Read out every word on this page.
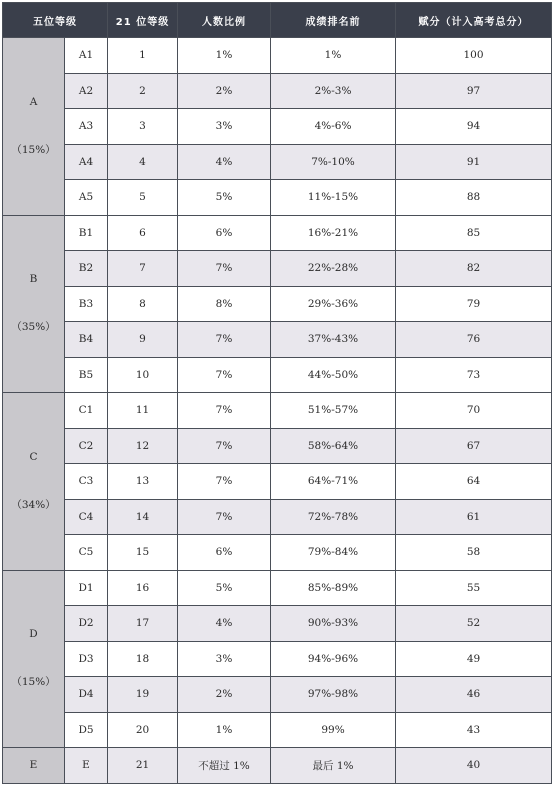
五位等级		21 位等级	人数比例	成绩排名前	赋分（计入高考总分）

A
（15%）	A1	1	1%	1%	100
	A2	2	2%	2%-3%	97
	A3	3	3%	4%-6%	94
	A4	4	4%	7%-10%	91
	A5	5	5%	11%-15%	88

B
（35%）	B1	6	6%	16%-21%	85
	B2	7	7%	22%-28%	82
	B3	8	8%	29%-36%	79
	B4	9	7%	37%-43%	76
	B5	10	7%	44%-50%	73

C
（34%）	C1	11	7%	51%-57%	70
	C2	12	7%	58%-64%	67
	C3	13	7%	64%-71%	64
	C4	14	7%	72%-78%	61
	C5	15	6%	79%-84%	58

D
（15%）	D1	16	5%	85%-89%	55
	D2	17	4%	90%-93%	52
	D3	18	3%	94%-96%	49
	D4	19	2%	97%-98%	46
	D5	20	1%	99%	43
E	E	21	不超过 1%	最后 1%	40
